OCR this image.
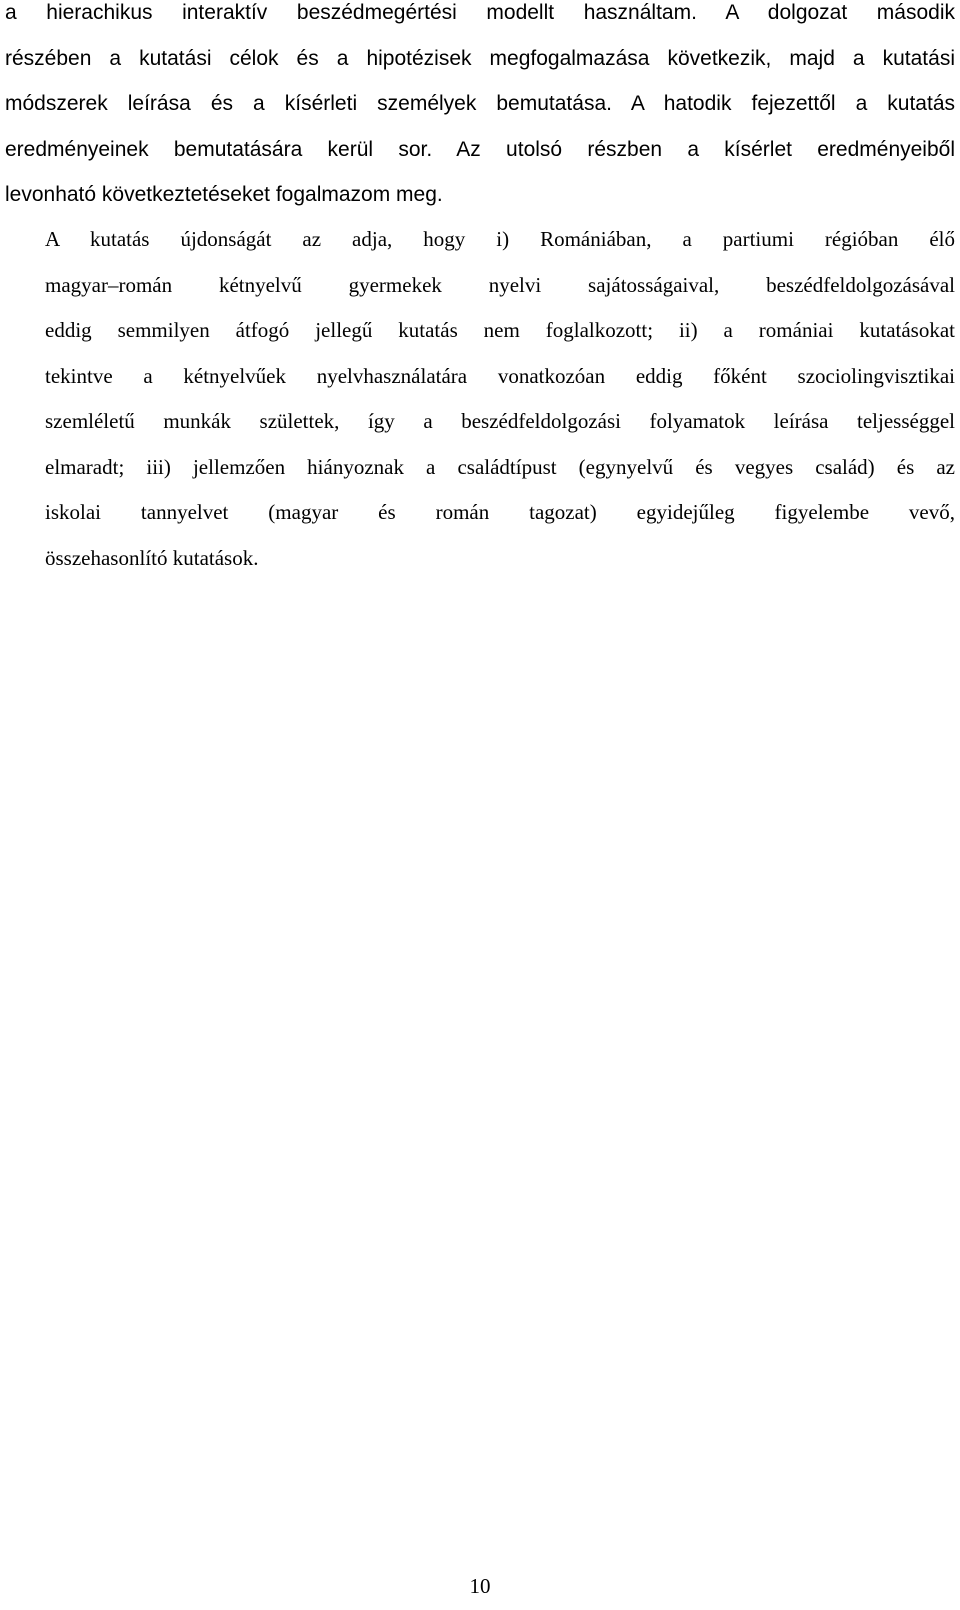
a hierachikus interaktív beszédmegértési modellt használtam. A dolgozat második
részében a kutatási célok és a hipotézisek megfogalmazása következik, majd a kutatási
módszerek leírása és a kísérleti személyek bemutatása. A hatodik fejezettől a kutatás
eredményeinek bemutatására kerül sor. Az utolsó részben a kísérlet eredményeiből
levonható következtetéseket fogalmazom meg.
A kutatás újdonságát az adja, hogy i) Romániában, a partiumi régióban élő
magyar–román kétnyelvű gyermekek nyelvi sajátosságaival, beszédfeldolgozásával
eddig semmilyen átfogó jellegű kutatás nem foglalkozott; ii) a romániai kutatásokat
tekintve a kétnyelvűek nyelvhasználatára vonatkozóan eddig főként szociolingvisztikai
szemléletű munkák születtek, így a beszédfeldolgozási folyamatok leírása teljességgel
elmaradt; iii) jellemzően hiányoznak a családtípust (egynyelvű és vegyes család) és az
iskolai tannyelvet (magyar és román tagozat) egyidejűleg figyelembe vevő,
összehasonlító kutatások.
10
